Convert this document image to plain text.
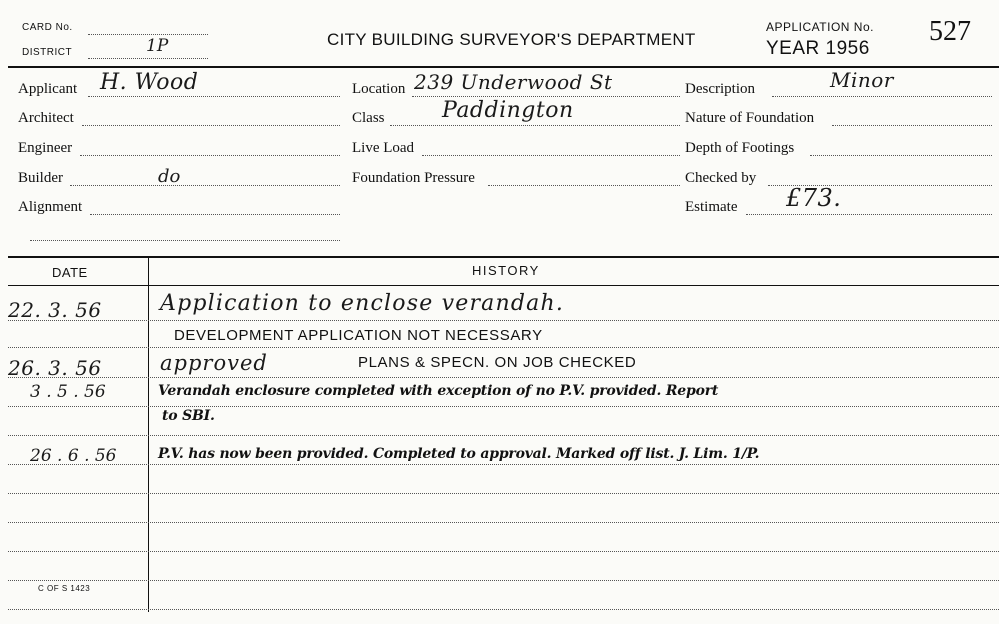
CARD No.
DISTRICT	1P	CITY BUILDING SURVEYOR'S DEPARTMENT
APPLICATION No.
YEAR 1956
527
Applicant H. Wood
Architect
Engineer
Builder	do
Alignment
Location 239 Underwood St
Class	Paddington
Live Load
Foundation Pressure
Description	Minor
Nature of Foundation
Depth of Footings
Checked by
Estimate £73.
DATE	HISTORY
22. 3. 56	Application to enclose verandah.
DEVELOPMENT APPLICATION NOT NECESSARY
26. 3. 56	approved	PLANS & SPECN. ON JOB CHECKED
3 . 5 . 56	Verandah enclosure completed with exception of no P.V. provided. Report
to SBI.
26 . 6 . 56	P.V. has now been provided. Completed to approval. Marked off list. J. Lim. 1/P.
C OF S 1423
